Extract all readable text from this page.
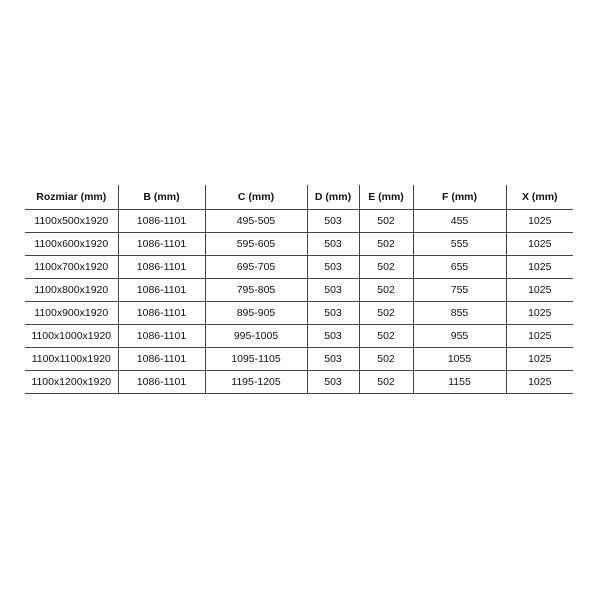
Rozmiar (mm)	B (mm)	C (mm)	D (mm)	E (mm)	F (mm)	X (mm)
1100x500x1920	1086-1101	495-505	503	502	455	1025
1100x600x1920	1086-1101	595-605	503	502	555	1025
1100x700x1920	1086-1101	695-705	503	502	655	1025
1100x800x1920	1086-1101	795-805	503	502	755	1025
1100x900x1920	1086-1101	895-905	503	502	855	1025
1100x1000x1920	1086-1101	995-1005	503	502	955	1025
1100x1100x1920	1086-1101	1095-1105	503	502	1055	1025
1100x1200x1920	1086-1101	1195-1205	503	502	1155	1025
